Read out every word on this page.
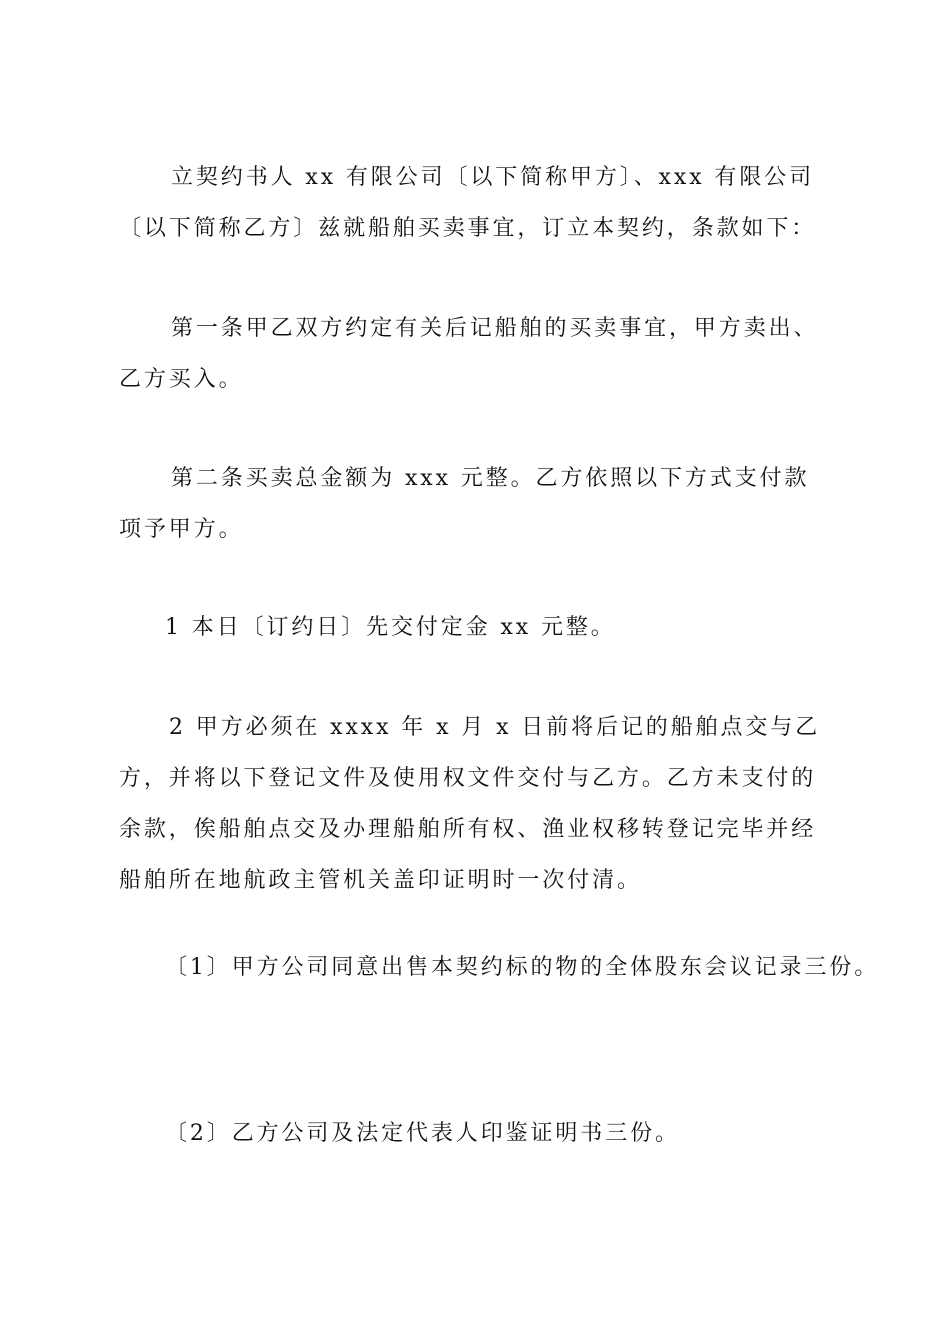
立契约书人 xx 有限公司〔以下简称甲方〕、xxx 有限公司〔以下简称乙方〕兹就船舶买卖事宜，订立本契约，条款如下：

第一条甲乙双方约定有关后记船舶的买卖事宜，甲方卖出、乙方买入。

第二条买卖总金额为 xxx 元整。乙方依照以下方式支付款项予甲方。

1 本日〔订约日〕先交付定金 xx 元整。

2 甲方必须在 xxxx 年 x 月 x 日前将后记的船舶点交与乙方，并将以下登记文件及使用权文件交付与乙方。乙方未支付的余款，俟船舶点交及办理船舶所有权、渔业权移转登记完毕并经船舶所在地航政主管机关盖印证明时一次付清。

〔1〕甲方公司同意出售本契约标的物的全体股东会议记录三份。

〔2〕乙方公司及法定代表人印鉴证明书三份。
